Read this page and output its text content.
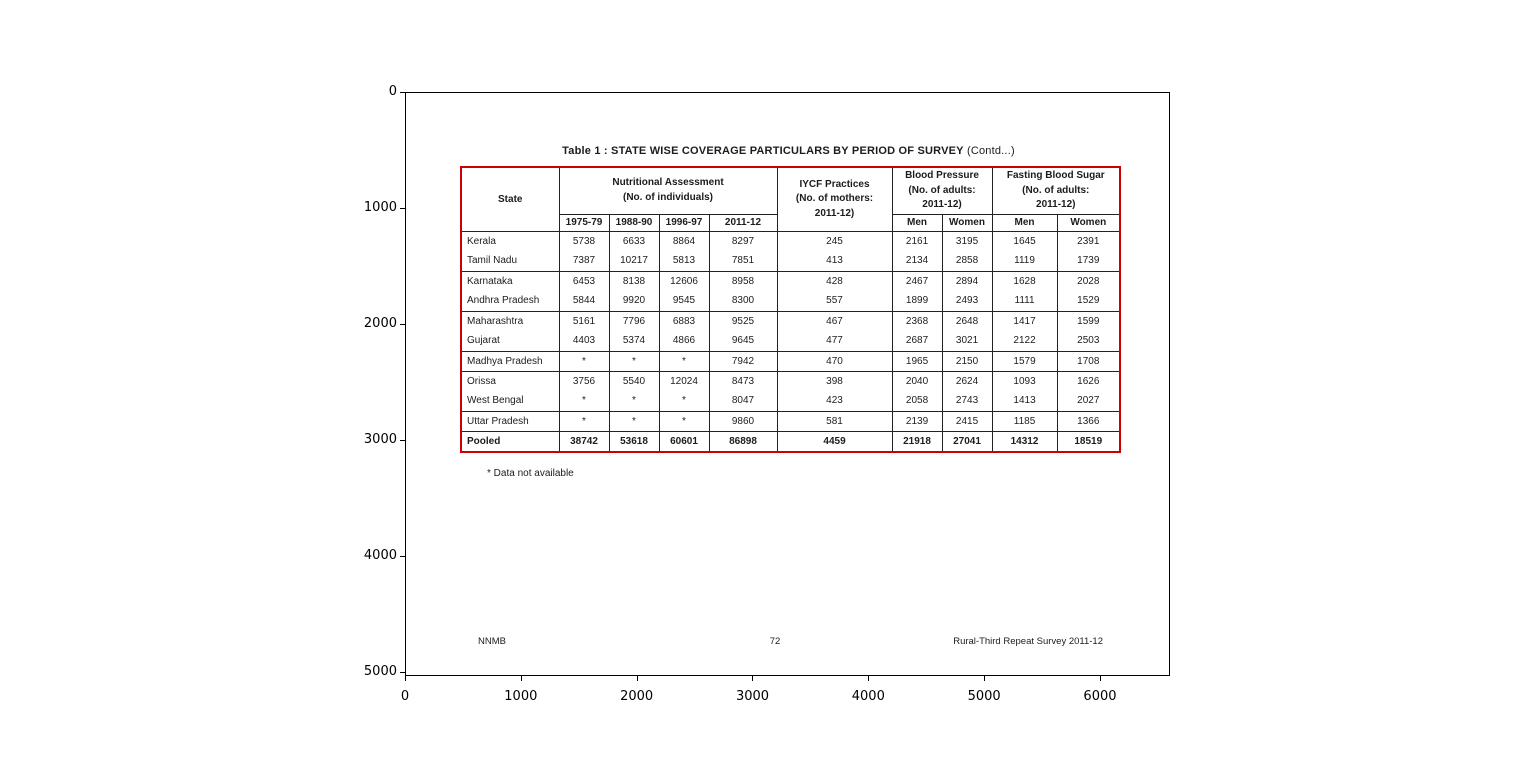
0
1000
2000
3000
4000
5000
0	1000	2000	3000	4000	5000	6000
Table 1 : STATE WISE COVERAGE PARTICULARS BY PERIOD OF SURVEY (Contd...)
State	
Nutritional Assessment
(No. of individuals)

IYCF Practices
(No. of mothers:
2011-12)

Blood Pressure
(No. of adults:
2011-12)

Fasting Blood Sugar
(No. of adults:
2011-12)

	1975-79	1988-90	1996-97	2011-12		Men	Women	Men	Women
Kerala	5738	6633	8864	8297	245	2161	3195	1645	2391
Tamil Nadu	7387	10217	5813	7851	413	2134	2858	1119	1739
Karnataka	6453	8138	12606	8958	428	2467	2894	1628	2028
Andhra Pradesh	5844	9920	9545	8300	557	1899	2493	1111	1529
Maharashtra	5161	7796	6883	9525	467	2368	2648	1417	1599
Gujarat	4403	5374	4866	9645	477	2687	3021	2122	2503
Madhya Pradesh	*	*	*	7942	470	1965	2150	1579	1708
Orissa	3756	5540	12024	8473	398	2040	2624	1093	1626
West Bengal	*	*	*	8047	423	2058	2743	1413	2027
Uttar Pradesh	*	*	*	9860	581	2139	2415	1185	1366
Pooled	38742	53618	60601	86898	4459	21918	27041	14312	18519
* Data not available
NNMB	72	Rural-Third Repeat Survey 2011-12
